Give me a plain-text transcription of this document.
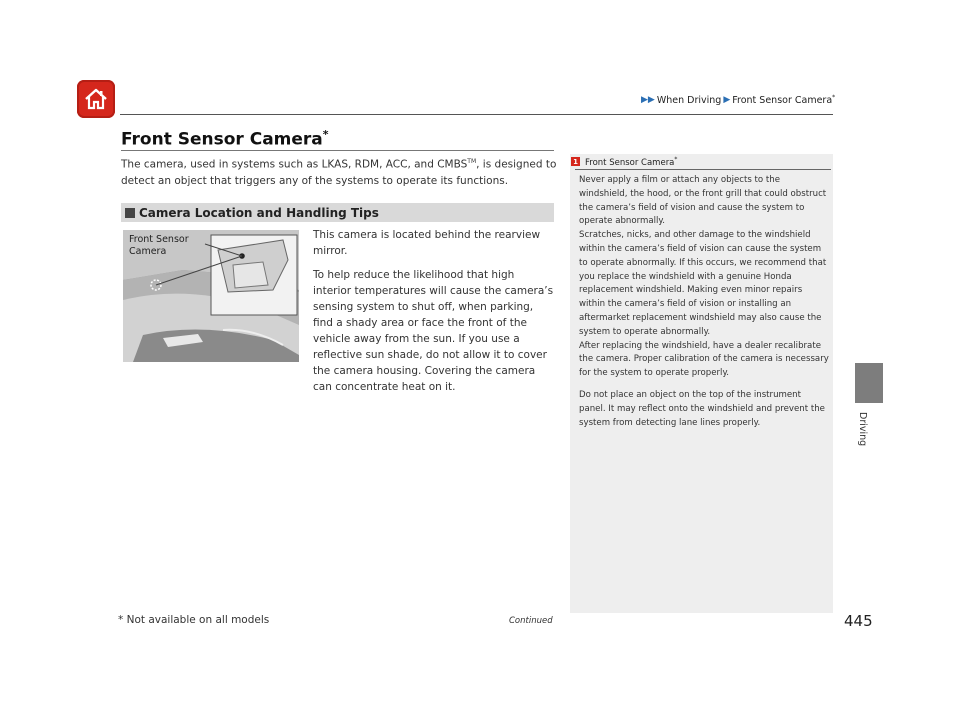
▶▶ When Driving ▶ Front Sensor Camera*
Driving
Front Sensor Camera*
The camera, used in systems such as LKAS, RDM, ACC, and CMBS™, is designed to detect an object that triggers any of the systems to operate its functions.
Camera Location and Handling Tips
Front Sensor
Camera

This camera is located behind the rearview mirror.

To help reduce the likelihood that high interior temperatures will cause the camera’s sensing system to shut off, when parking, find a shady area or face the front of the vehicle away from the sun. If you use a reflective sun shade, do not allow it to cover the camera housing. Covering the camera can concentrate heat on it.

1 Front Sensor Camera*

Never apply a film or attach any objects to the windshield, the hood, or the front grill that could obstruct the camera’s field of vision and cause the system to operate abnormally.

Scratches, nicks, and other damage to the windshield within the camera’s field of vision can cause the system to operate abnormally. If this occurs, we recommend that you replace the windshield with a genuine Honda replacement windshield. Making even minor repairs within the camera’s field of vision or installing an aftermarket replacement windshield may also cause the system to operate abnormally.

After replacing the windshield, have a dealer recalibrate the camera. Proper calibration of the camera is necessary for the system to operate properly.

Do not place an object on the top of the instrument panel. It may reflect onto the windshield and prevent the system from detecting lane lines properly.

* Not available on all models	Continued	445
